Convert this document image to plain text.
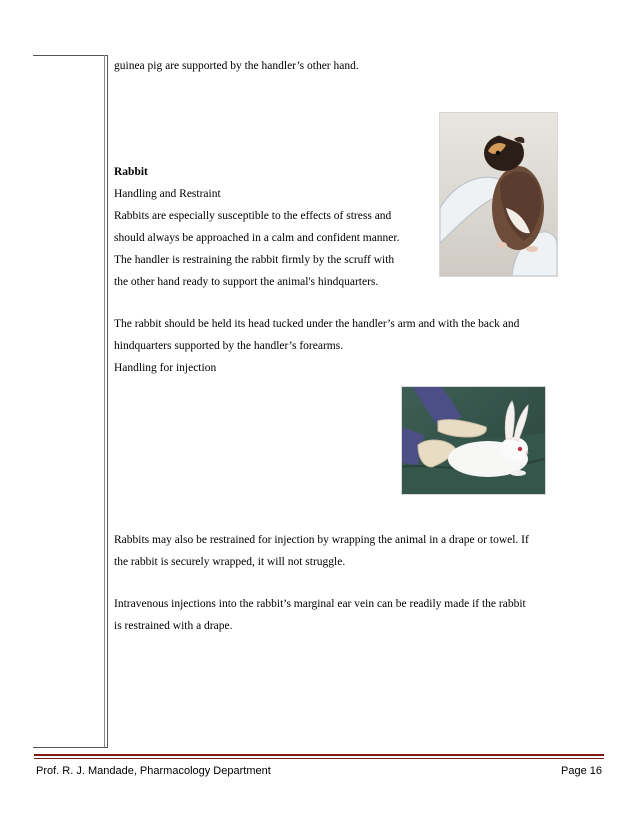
guinea pig are supported by the handler’s other hand.
Rabbit
Handling and Restraint
Rabbits are especially susceptible to the effects of stress and
should always be approached in a calm and confident manner.
The handler is restraining the rabbit firmly by the scruff with
the other hand ready to support the animal's hindquarters.
The rabbit should be held its head tucked under the handler’s arm and with the back and
hindquarters supported by the handler’s forearms.
Handling for injection
Rabbits may also be restrained for injection by wrapping the animal in a drape or towel. If
the rabbit is securely wrapped, it will not struggle.
Intravenous injections into the rabbit’s marginal ear vein can be readily made if the rabbit
is restrained with a drape.
Prof. R. J. Mandade, Pharmacology Department	Page 16
